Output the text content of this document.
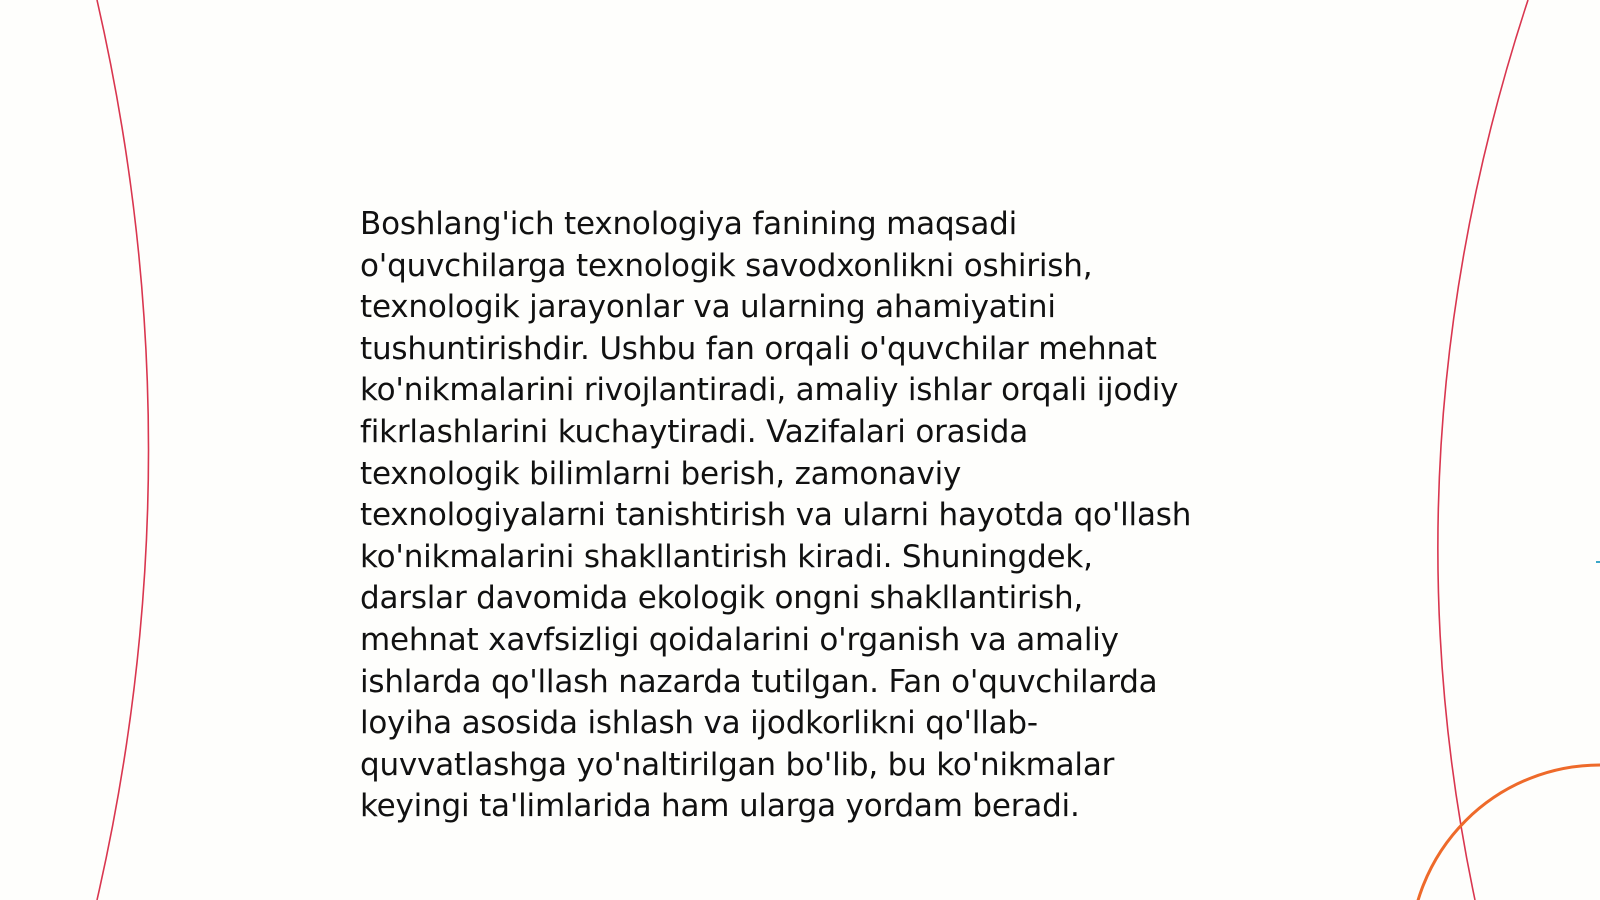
Boshlang'ich texnologiya fanining maqsadi
o'quvchilarga texnologik savodxonlikni oshirish,
texnologik jarayonlar va ularning ahamiyatini
tushuntirishdir. Ushbu fan orqali o'quvchilar mehnat
ko'nikmalarini rivojlantiradi, amaliy ishlar orqali ijodiy
fikrlashlarini kuchaytiradi. Vazifalari orasida
texnologik bilimlarni berish, zamonaviy
texnologiyalarni tanishtirish va ularni hayotda qo'llash
ko'nikmalarini shakllantirish kiradi. Shuningdek,
darslar davomida ekologik ongni shakllantirish,
mehnat xavfsizligi qoidalarini o'rganish va amaliy
ishlarda qo'llash nazarda tutilgan. Fan o'quvchilarda
loyiha asosida ishlash va ijodkorlikni qo'llab-
quvvatlashga yo'naltirilgan bo'lib, bu ko'nikmalar
keyingi ta'limlarida ham ularga yordam beradi.
